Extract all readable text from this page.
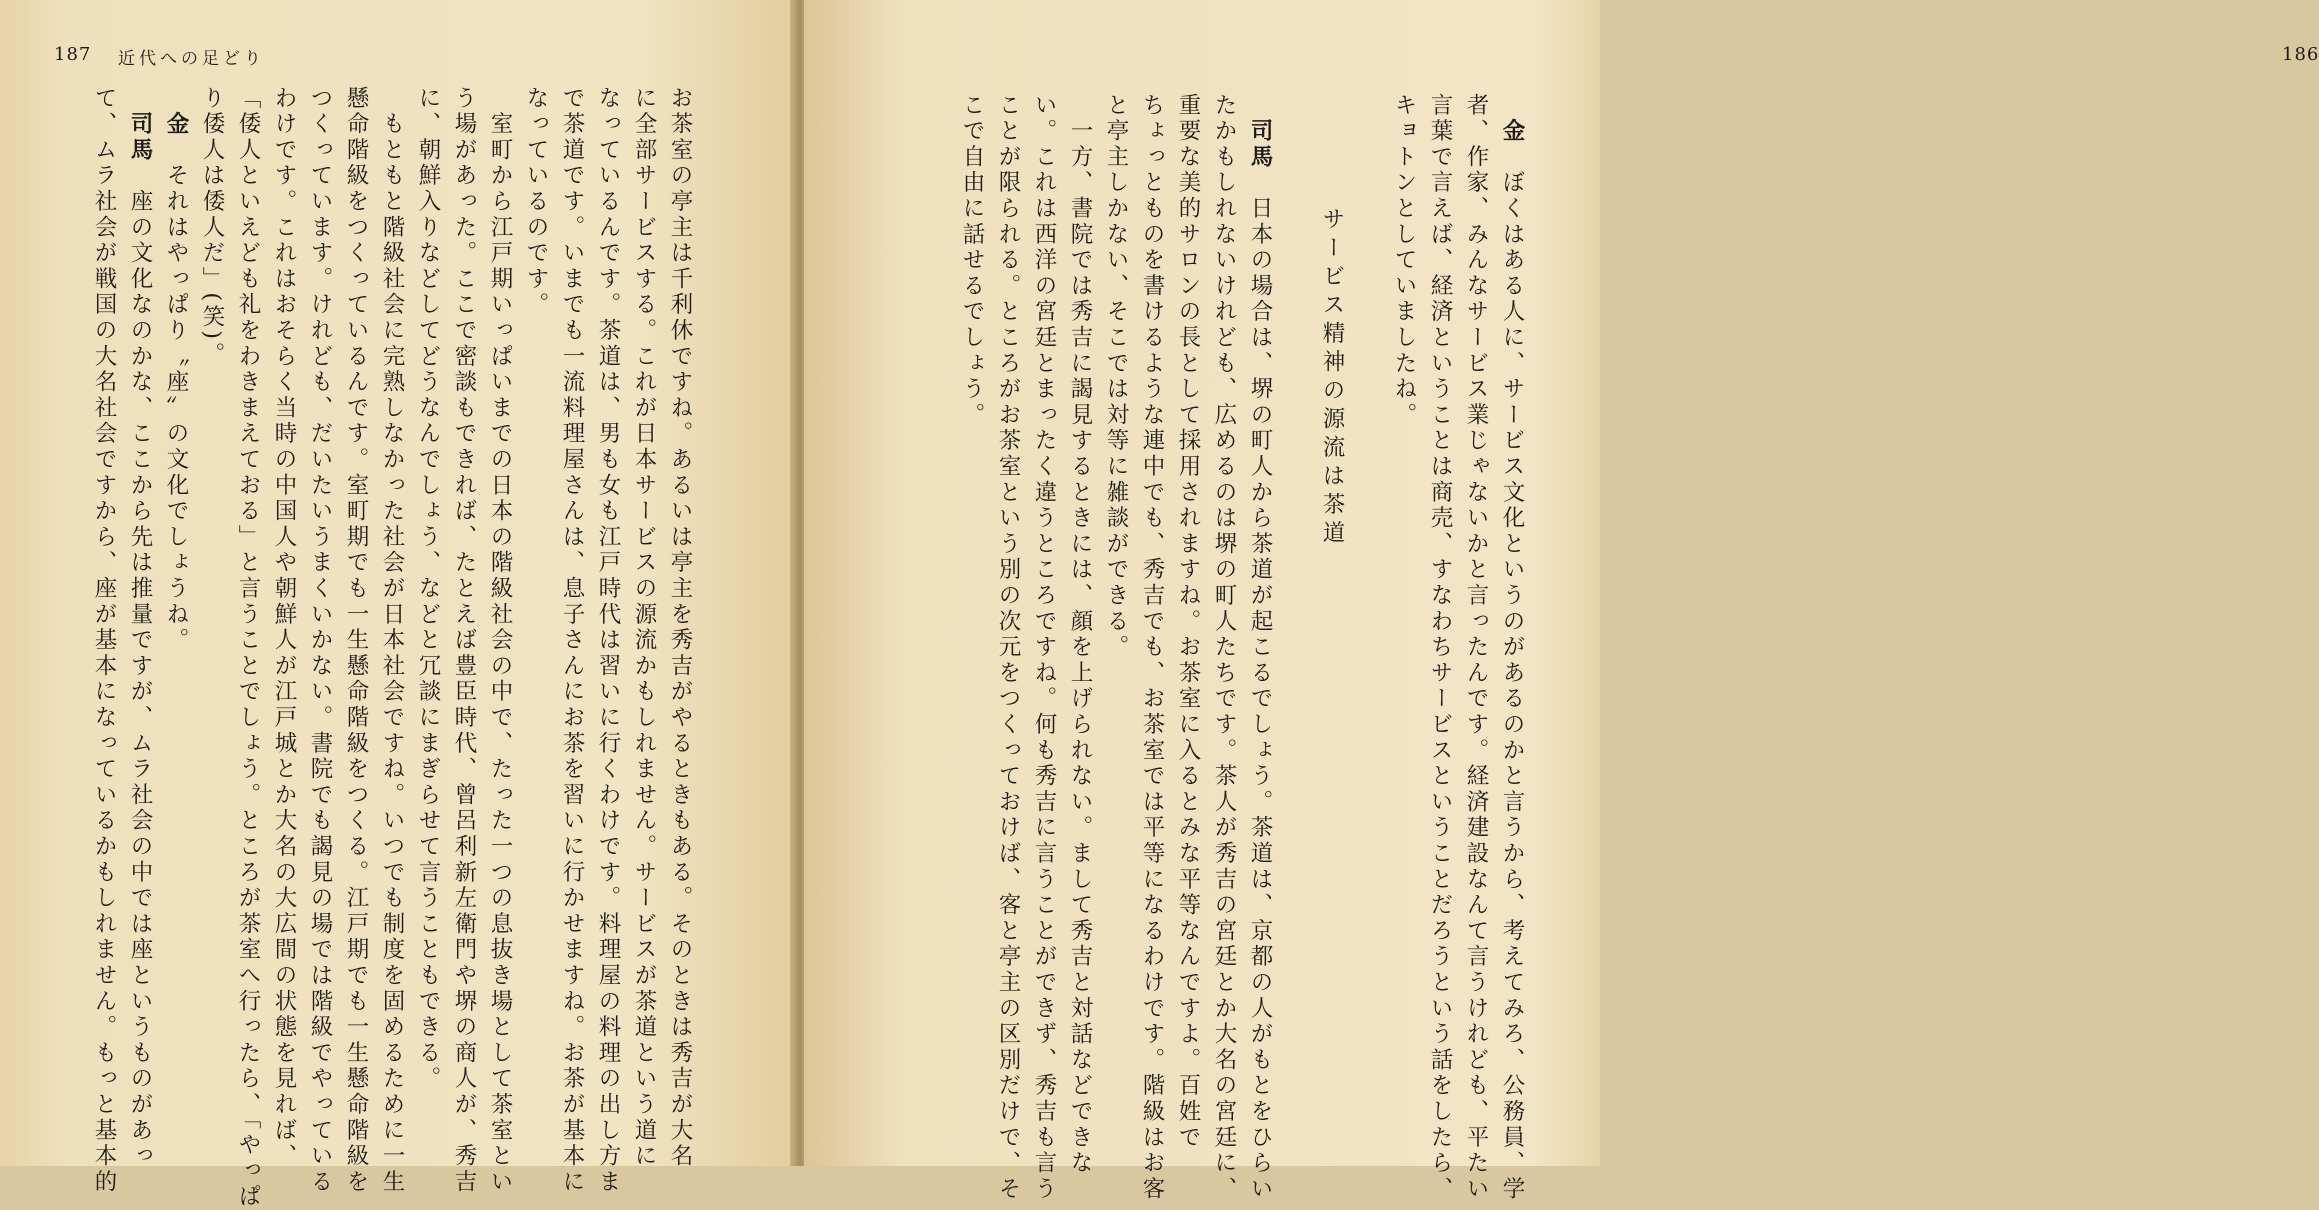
187 近代への足どり
お茶室の亭主は千利休ですね。あるいは亭主を秀吉がやるときもある。そのときは秀吉が大名
に全部サービスする。これが日本サービスの源流かもしれません。サービスが茶道という道に
なっているんです。茶道は、男も女も江戸時代は習いに行くわけです。料理屋の料理の出し方ま
で茶道です。いまでも一流料理屋さんは、息子さんにお茶を習いに行かせますね。お茶が基本に
なっているのです。
　室町から江戸期いっぱいまでの日本の階級社会の中で、たった一つの息抜き場として茶室とい
う場があった。ここで密談もできれば、たとえば豊臣時代、曾呂利新左衛門や堺の商人が、秀吉
に、朝鮮入りなどしてどうなんでしょう、などと冗談にまぎらせて言うこともできる。
　もともと階級社会に完熟しなかった社会が日本社会ですね。いつでも制度を固めるために一生
懸命階級をつくっているんです。室町期でも一生懸命階級をつくる。江戸期でも一生懸命階級を
つくっています。けれども、だいたいうまくいかない。書院でも謁見の場では階級でやっている
わけです。これはおそらく当時の中国人や朝鮮人が江戸城とか大名の大広間の状態を見れば、
「倭人といえども礼をわきまえておる」と言うことでしょう。ところが茶室へ行ったら、「やっぱ
り倭人は倭人だ」(笑)。
　金　それはやっぱり〝座〟の文化でしょうね。
　司馬　座の文化なのかな、ここから先は推量ですが、ムラ社会の中では座というものがあっ
て、ムラ社会が戦国の大名社会ですから、座が基本になっているかもしれません。もっと基本的
186
　金　ぼくはある人に、サービス文化というのがあるのかと言うから、考えてみろ、公務員、学
者、作家、みんなサービス業じゃないかと言ったんです。経済建設なんて言うけれども、平たい
言葉で言えば、経済ということは商売、すなわちサービスということだろうという話をしたら、
キョトンとしていましたね。

　　　　サービス精神の源流は茶道

　司馬　日本の場合は、堺の町人から茶道が起こるでしょう。茶道は、京都の人がもとをひらい
たかもしれないけれども、広めるのは堺の町人たちです。茶人が秀吉の宮廷とか大名の宮廷に、
重要な美的サロンの長として採用されますね。お茶室に入るとみな平等なんですよ。百姓で
ちょっとものを書けるような連中でも、秀吉でも、お茶室では平等になるわけです。階級はお客
と亭主しかない、そこでは対等に雑談ができる。
　一方、書院では秀吉に謁見するときには、顔を上げられない。まして秀吉と対話などできな
い。これは西洋の宮廷とまったく違うところですね。何も秀吉に言うことができず、秀吉も言う
ことが限られる。ところがお茶室という別の次元をつくっておけば、客と亭主の区別だけで、そ
こで自由に話せるでしょう。
